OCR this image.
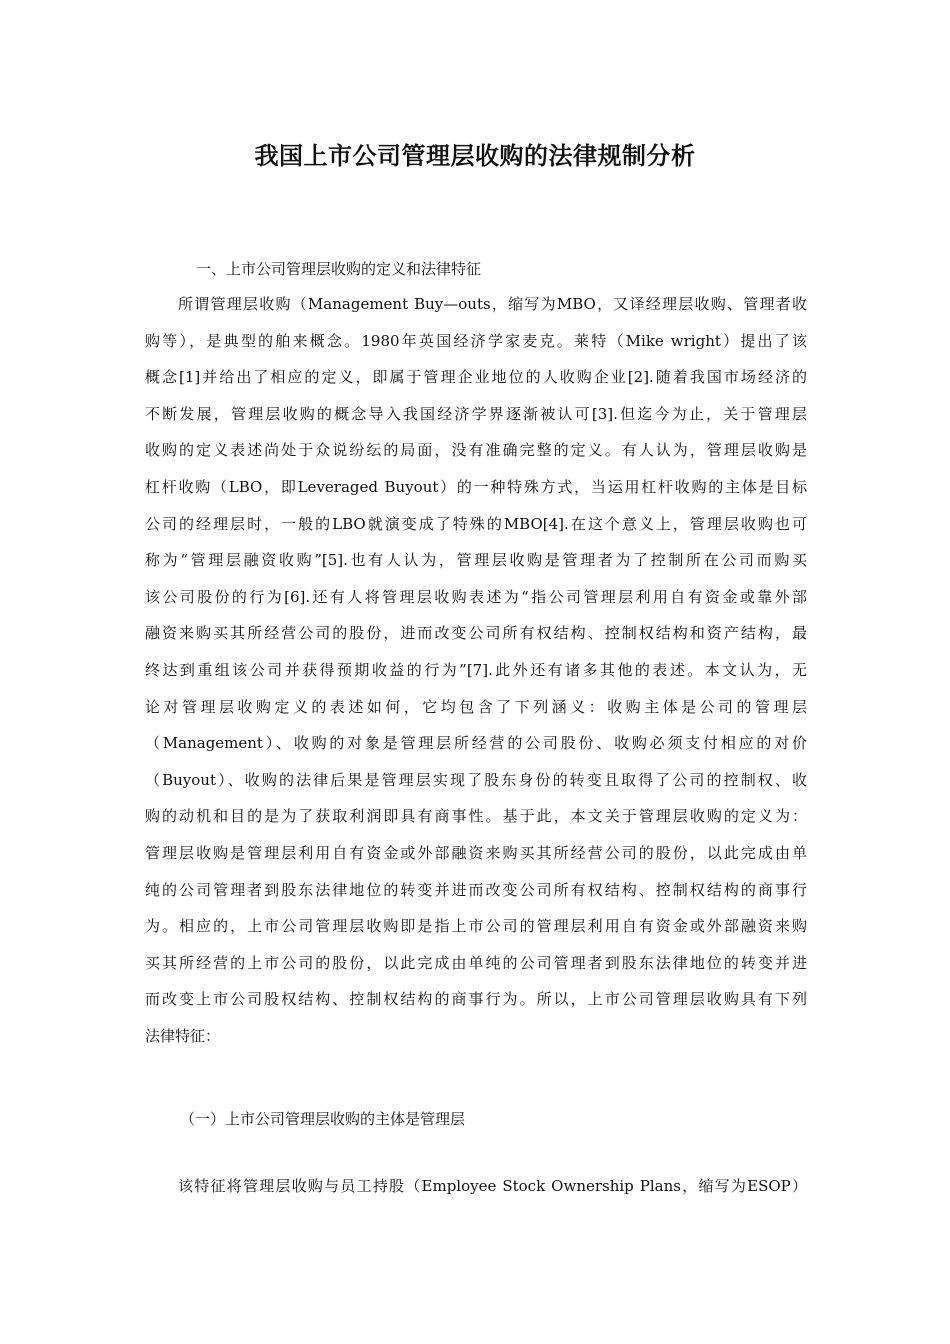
我国上市公司管理层收购的法律规制分析
一、上市公司管理层收购的定义和法律特征
所谓管理层收购（Management Buy—outs，缩写为MBO，又译经理层收购、管理者收
购等），是典型的舶来概念。1980年英国经济学家麦克。莱特（Mike wright）提出了该
概念[1]并给出了相应的定义，即属于管理企业地位的人收购企业[2].随着我国市场经济的
不断发展，管理层收购的概念导入我国经济学界逐渐被认可[3].但迄今为止，关于管理层
收购的定义表述尚处于众说纷纭的局面，没有准确完整的定义。有人认为，管理层收购是
杠杆收购（LBO，即Leveraged Buyout）的一种特殊方式，当运用杠杆收购的主体是目标
公司的经理层时，一般的LBO就演变成了特殊的MBO[4].在这个意义上，管理层收购也可
称为“管理层融资收购”[5].也有人认为，管理层收购是管理者为了控制所在公司而购买
该公司股份的行为[6].还有人将管理层收购表述为“指公司管理层利用自有资金或靠外部
融资来购买其所经营公司的股份，进而改变公司所有权结构、控制权结构和资产结构，最
终达到重组该公司并获得预期收益的行为”[7].此外还有诸多其他的表述。本文认为，无
论对管理层收购定义的表述如何，它均包含了下列涵义：收购主体是公司的管理层
（Management）、收购的对象是管理层所经营的公司股份、收购必须支付相应的对价
（Buyout）、收购的法律后果是管理层实现了股东身份的转变且取得了公司的控制权、收
购的动机和目的是为了获取利润即具有商事性。基于此，本文关于管理层收购的定义为：
管理层收购是管理层利用自有资金或外部融资来购买其所经营公司的股份，以此完成由单
纯的公司管理者到股东法律地位的转变并进而改变公司所有权结构、控制权结构的商事行
为。相应的，上市公司管理层收购即是指上市公司的管理层利用自有资金或外部融资来购
买其所经营的上市公司的股份，以此完成由单纯的公司管理者到股东法律地位的转变并进
而改变上市公司股权结构、控制权结构的商事行为。所以，上市公司管理层收购具有下列
法律特征：
（一）上市公司管理层收购的主体是管理层
该特征将管理层收购与员工持股（Employee Stock Ownership Plans，缩写为ESOP）
